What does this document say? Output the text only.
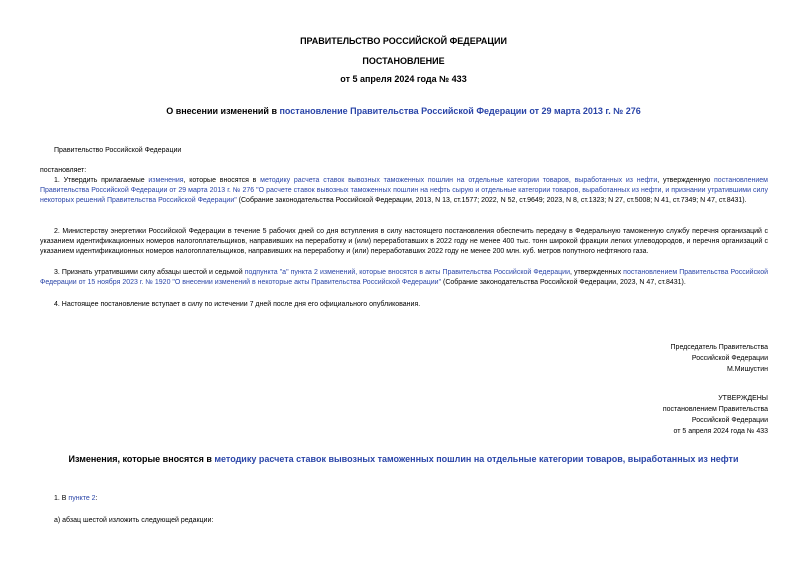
ПРАВИТЕЛЬСТВО РОССИЙСКОЙ ФЕДЕРАЦИИ
ПОСТАНОВЛЕНИЕ
от 5 апреля 2024 года № 433
О внесении изменений в постановление Правительства Российской Федерации от 29 марта 2013 г. № 276
Правительство Российской Федерации
постановляет:
1. Утвердить прилагаемые изменения, которые вносятся в методику расчета ставок вывозных таможенных пошлин на отдельные категории товаров, выработанных из нефти, утвержденную постановлением Правительства Российской Федерации от 29 марта 2013 г. № 276 "О расчете ставок вывозных таможенных пошлин на нефть сырую и отдельные категории товаров, выработанных из нефти, и признании утратившими силу некоторых решений Правительства Российской Федерации" (Собрание законодательства Российской Федерации, 2013, N 13, ст.1577; 2022, N 52, ст.9649; 2023, N 8, ст.1323; N 27, ст.5008; N 41, ст.7349; N 47, ст.8431).
2. Министерству энергетики Российской Федерации в течение 5 рабочих дней со дня вступления в силу настоящего постановления обеспечить передачу в Федеральную таможенную службу перечня организаций с указанием идентификационных номеров налогоплательщиков, направивших на переработку и (или) переработавших в 2022 году не менее 400 тыс. тонн широкой фракции легких углеводородов, и перечня организаций с указанием идентификационных номеров налогоплательщиков, направивших на переработку и (или) переработавших 2022 году не менее 200 млн. куб. метров попутного нефтяного газа.
3. Признать утратившими силу абзацы шестой и седьмой подпункта "а" пункта 2 изменений, которые вносятся в акты Правительства Российской Федерации, утвержденных постановлением Правительства Российской Федерации от 15 ноября 2023 г. № 1920 "О внесении изменений в некоторые акты Правительства Российской Федерации" (Собрание законодательства Российской Федерации, 2023, N 47, ст.8431).
4. Настоящее постановление вступает в силу по истечении 7 дней после дня его официального опубликования.
Председатель Правительства
Российской Федерации
М.Мишустин
УТВЕРЖДЕНЫ
постановлением Правительства
Российской Федерации
от 5 апреля 2024 года № 433
Изменения, которые вносятся в методику расчета ставок вывозных таможенных пошлин на отдельные категории товаров, выработанных из нефти
1. В пункте 2:
а) абзац шестой изложить следующей редакции:
